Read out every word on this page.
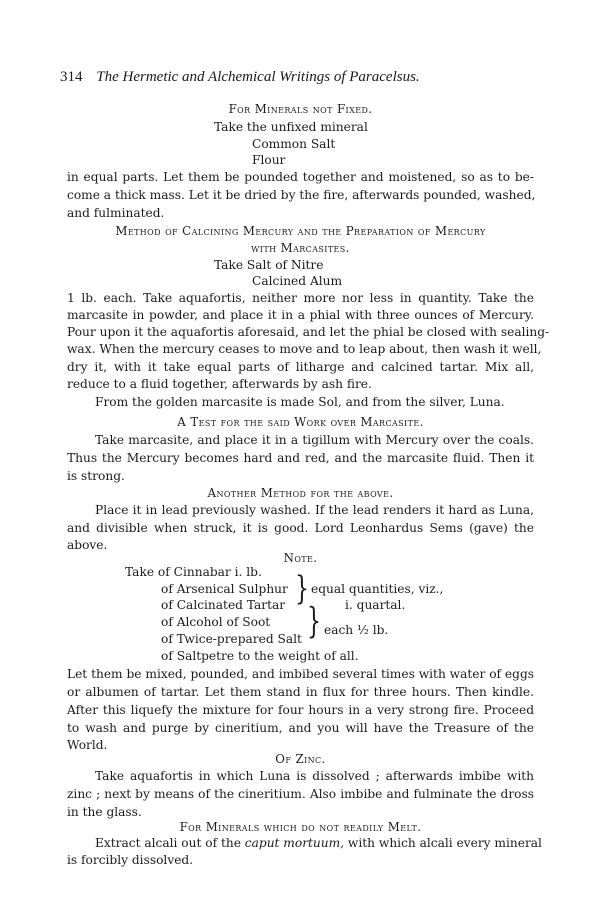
314 The Hermetic and Alchemical Writings of Paracelsus.
For Minerals not Fixed.
Take the unfixed mineral
Common Salt
Flour
in equal parts. Let them be pounded together and moistened, so as to be-
come a thick mass. Let it be dried by the fire, afterwards pounded, washed,
and fulminated.
Method of Calcining Mercury and the Preparation of Mercury
with Marcasites.
Take Salt of Nitre
Calcined Alum
1 lb. each. Take aquafortis, neither more nor less in quantity. Take the
marcasite in powder, and place it in a phial with three ounces of Mercury.
Pour upon it the aquafortis aforesaid, and let the phial be closed with sealing-
wax. When the mercury ceases to move and to leap about, then wash it well,
dry it, with it take equal parts of litharge and calcined tartar. Mix all,
reduce to a fluid together, afterwards by ash fire.
From the golden marcasite is made Sol, and from the silver, Luna.
A Test for the said Work over Marcasite.
Take marcasite, and place it in a tigillum with Mercury over the coals.
Thus the Mercury becomes hard and red, and the marcasite fluid. Then it
is strong.
Another Method for the above.
Place it in lead previously washed. If the lead renders it hard as Luna,
and divisible when struck, it is good. Lord Leonhardus Sems (gave) the
above.
Note.
Take of Cinnabar i. lb.
of Arsenical Sulphur
of Calcinated Tartar
of Alcohol of Soot
of Twice-prepared Salt
of Saltpetre to the weight of all.
} equal quantities, viz.,
i. quartal.
} each ½ lb.
Let them be mixed, pounded, and imbibed several times with water of eggs
or albumen of tartar. Let them stand in flux for three hours. Then kindle.
After this liquefy the mixture for four hours in a very strong fire. Proceed
to wash and purge by cineritium, and you will have the Treasure of the
World.
Of Zinc.
Take aquafortis in which Luna is dissolved ; afterwards imbibe with
zinc ; next by means of the cineritium. Also imbibe and fulminate the dross
in the glass.
For Minerals which do not readily Melt.
Extract alcali out of the caput mortuum, with which alcali every mineral
is forcibly dissolved.
